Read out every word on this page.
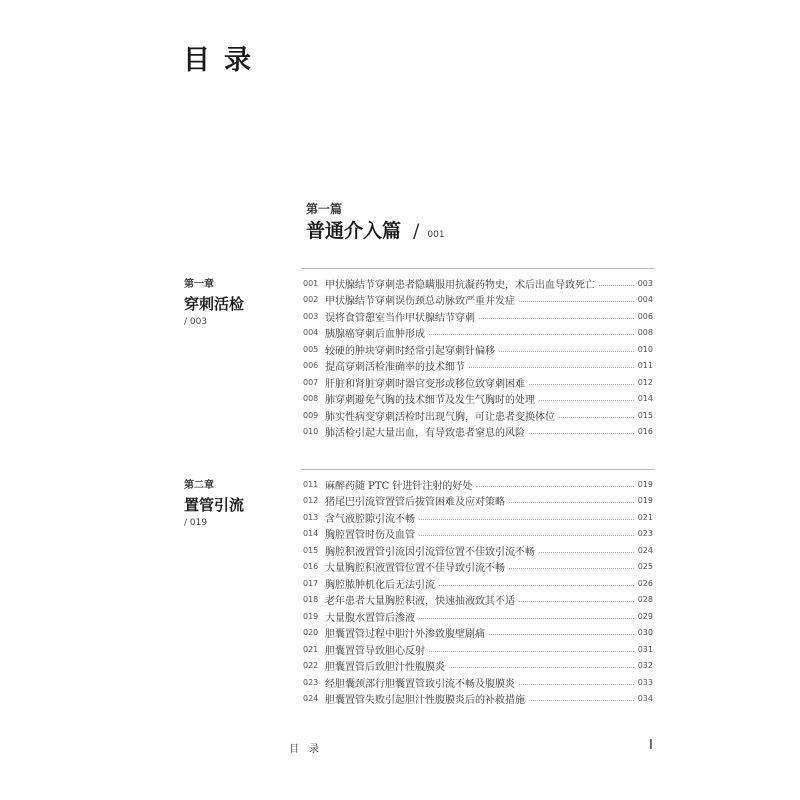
目录
第一篇
普通介入篇 / 001
第一章
穿刺活检
/ 003
001 甲状腺结节穿刺患者隐瞒服用抗凝药物史，术后出血导致死亡	003
002 甲状腺结节穿刺误伤颈总动脉致严重并发症	004
003 误将食管憩室当作甲状腺结节穿刺	006
004 胰腺癌穿刺后血肿形成	008
005 较硬的肿块穿刺时经常引起穿刺针偏移	010
006 提高穿刺活检准确率的技术细节	011
007 肝脏和肾脏穿刺时器官变形或移位致穿刺困难	012
008 肺穿刺避免气胸的技术细节及发生气胸时的处理	014
009 肺实性病变穿刺活检时出现气胸，可让患者变换体位	015
010 肺活检引起大量出血，有导致患者窒息的风险	016
第二章
置管引流
/ 019
011 麻醉药随 PTC 针进针注射的好处	019
012 猪尾巴引流管置管后拔管困难及应对策略	019
013 含气液腔隙引流不畅	021
014 胸腔置管时伤及血管	023
015 胸腔积液置管引流因引流管位置不佳致引流不畅	024
016 大量胸腔积液置管位置不佳导致引流不畅	025
017 胸腔脓肿机化后无法引流	026
018 老年患者大量胸腔积液，快速抽液致其不适	028
019 大量腹水置管后渗液	029
020 胆囊置管过程中胆汁外渗致腹壁剧痛	030
021 胆囊置管导致胆心反射	031
022 胆囊置管后致胆汁性腹膜炎	032
023 经胆囊颈部行胆囊置管致引流不畅及腹膜炎	033
024 胆囊置管失败引起胆汁性腹膜炎后的补救措施	034
目录	I
